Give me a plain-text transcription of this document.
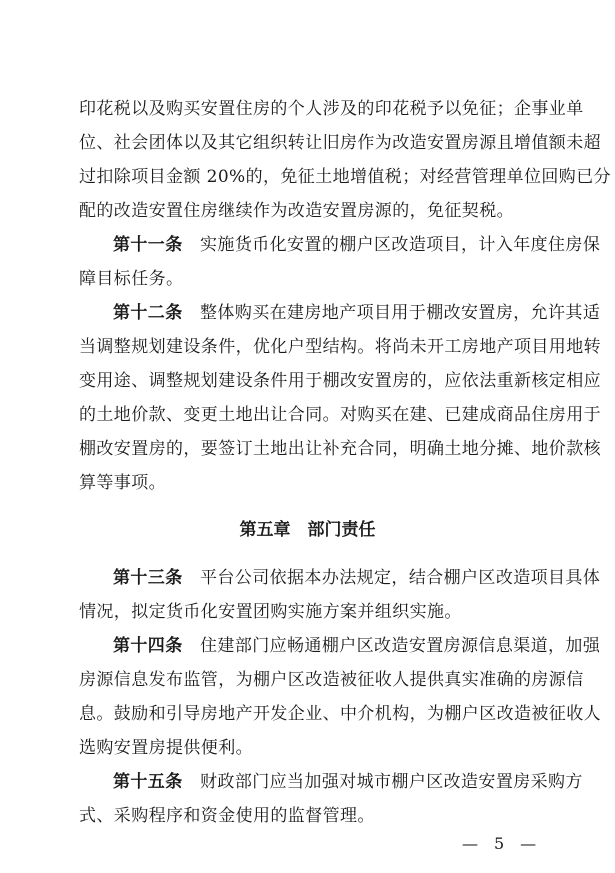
印花税以及购买安置住房的个人涉及的印花税予以免征；企事业单
位、社会团体以及其它组织转让旧房作为改造安置房源且增值额未超
过扣除项目金额 20%的，免征土地增值税；对经营管理单位回购已分
配的改造安置住房继续作为改造安置房源的，免征契税。
第十一条　 实施货币化安置的棚户区改造项目，计入年度住房保
障目标任务。
第十二条　 整体购买在建房地产项目用于棚改安置房，允许其适
当调整规划建设条件，优化户型结构。将尚未开工房地产项目用地转
变用途、调整规划建设条件用于棚改安置房的，应依法重新核定相应
的土地价款、变更土地出让合同。对购买在建、已建成商品住房用于
棚改安置房的，要签订土地出让补充合同，明确土地分摊、地价款核
算等事项。
第五章　部门责任
第十三条　 平台公司依据本办法规定，结合棚户区改造项目具体
情况，拟定货币化安置团购实施方案并组织实施。
第十四条　 住建部门应畅通棚户区改造安置房源信息渠道，加强
房源信息发布监管，为棚户区改造被征收人提供真实准确的房源信
息。鼓励和引导房地产开发企业、中介机构，为棚户区改造被征收人
选购安置房提供便利。
第十五条　 财政部门应当加强对城市棚户区改造安置房采购方
式、采购程序和资金使用的监督管理。
—　5　—
